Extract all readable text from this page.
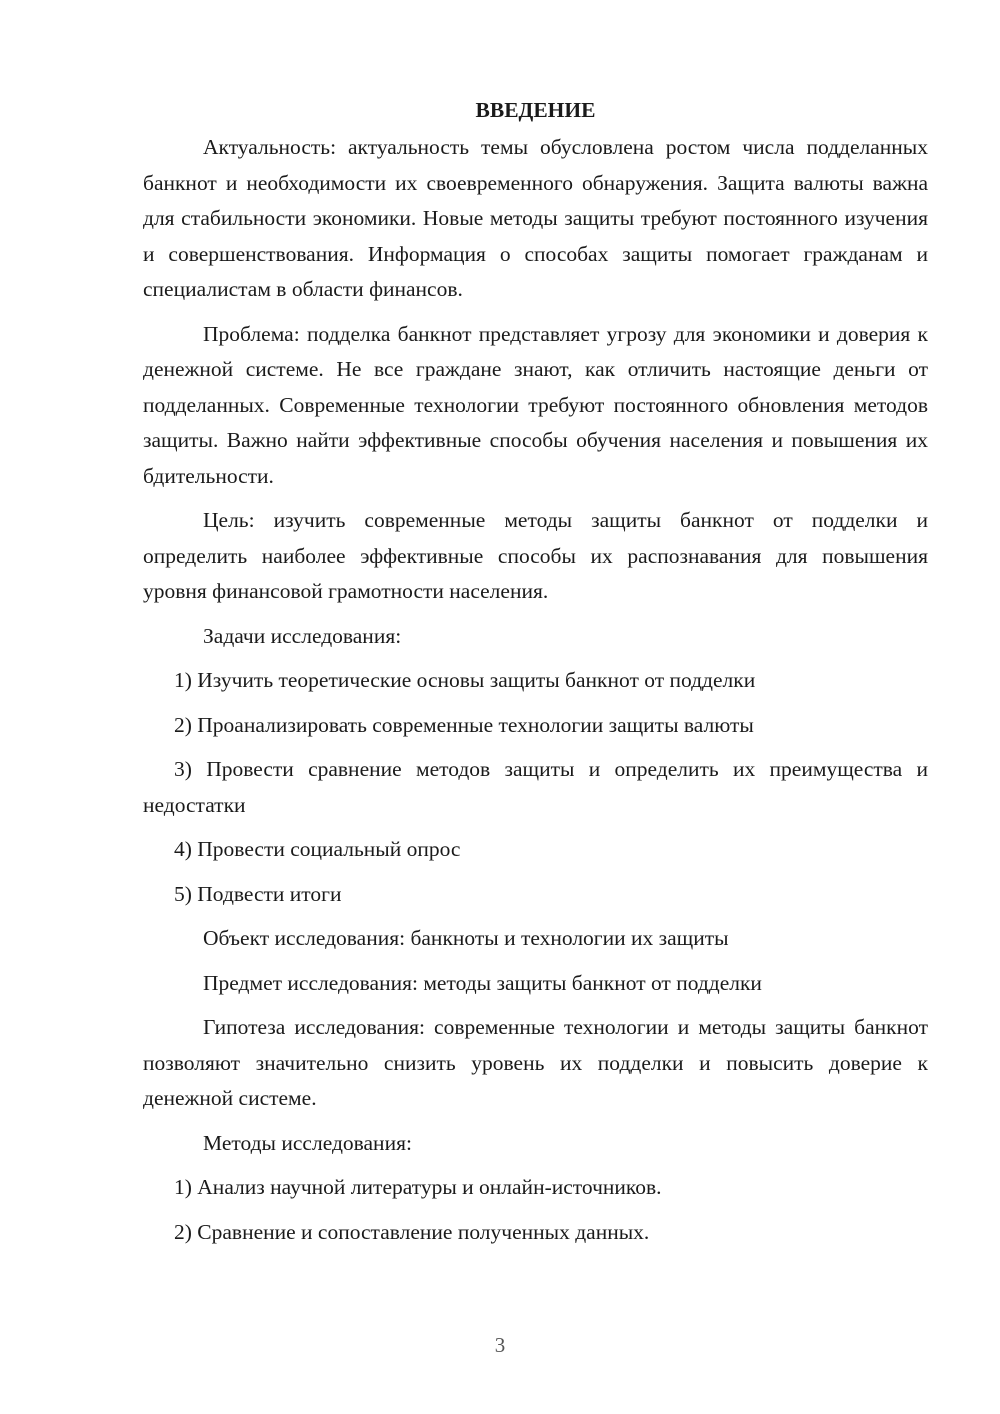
ВВЕДЕНИЕ

Актуальность: актуальность темы обусловлена ростом числа подделанных банкнот и необходимости их своевременного обнаружения. Защита валюты важна для стабильности экономики. Новые методы защиты требуют постоянного изучения и совершенствования. Информация о способах защиты помогает гражданам и специалистам в области финансов.

Проблема: подделка банкнот представляет угрозу для экономики и доверия к денежной системе. Не все граждане знают, как отличить настоящие деньги от подделанных. Современные технологии требуют постоянного обновления методов защиты. Важно найти эффективные способы обучения населения и повышения их бдительности.

Цель: изучить современные методы защиты банкнот от подделки и определить наиболее эффективные способы их распознавания для повышения уровня финансовой грамотности населения.

Задачи исследования:

1) Изучить теоретические основы защиты банкнот от подделки

2) Проанализировать современные технологии защиты валюты

3) Провести сравнение методов защиты и определить их преимущества и недостатки

4) Провести социальный опрос

5) Подвести итоги

Объект исследования: банкноты и технологии их защиты

Предмет исследования: методы защиты банкнот от подделки

Гипотеза исследования: современные технологии и методы защиты банкнот позволяют значительно снизить уровень их подделки и повысить доверие к денежной системе.

Методы исследования:

1) Анализ научной литературы и онлайн-источников.

2) Сравнение и сопоставление полученных данных.

3
